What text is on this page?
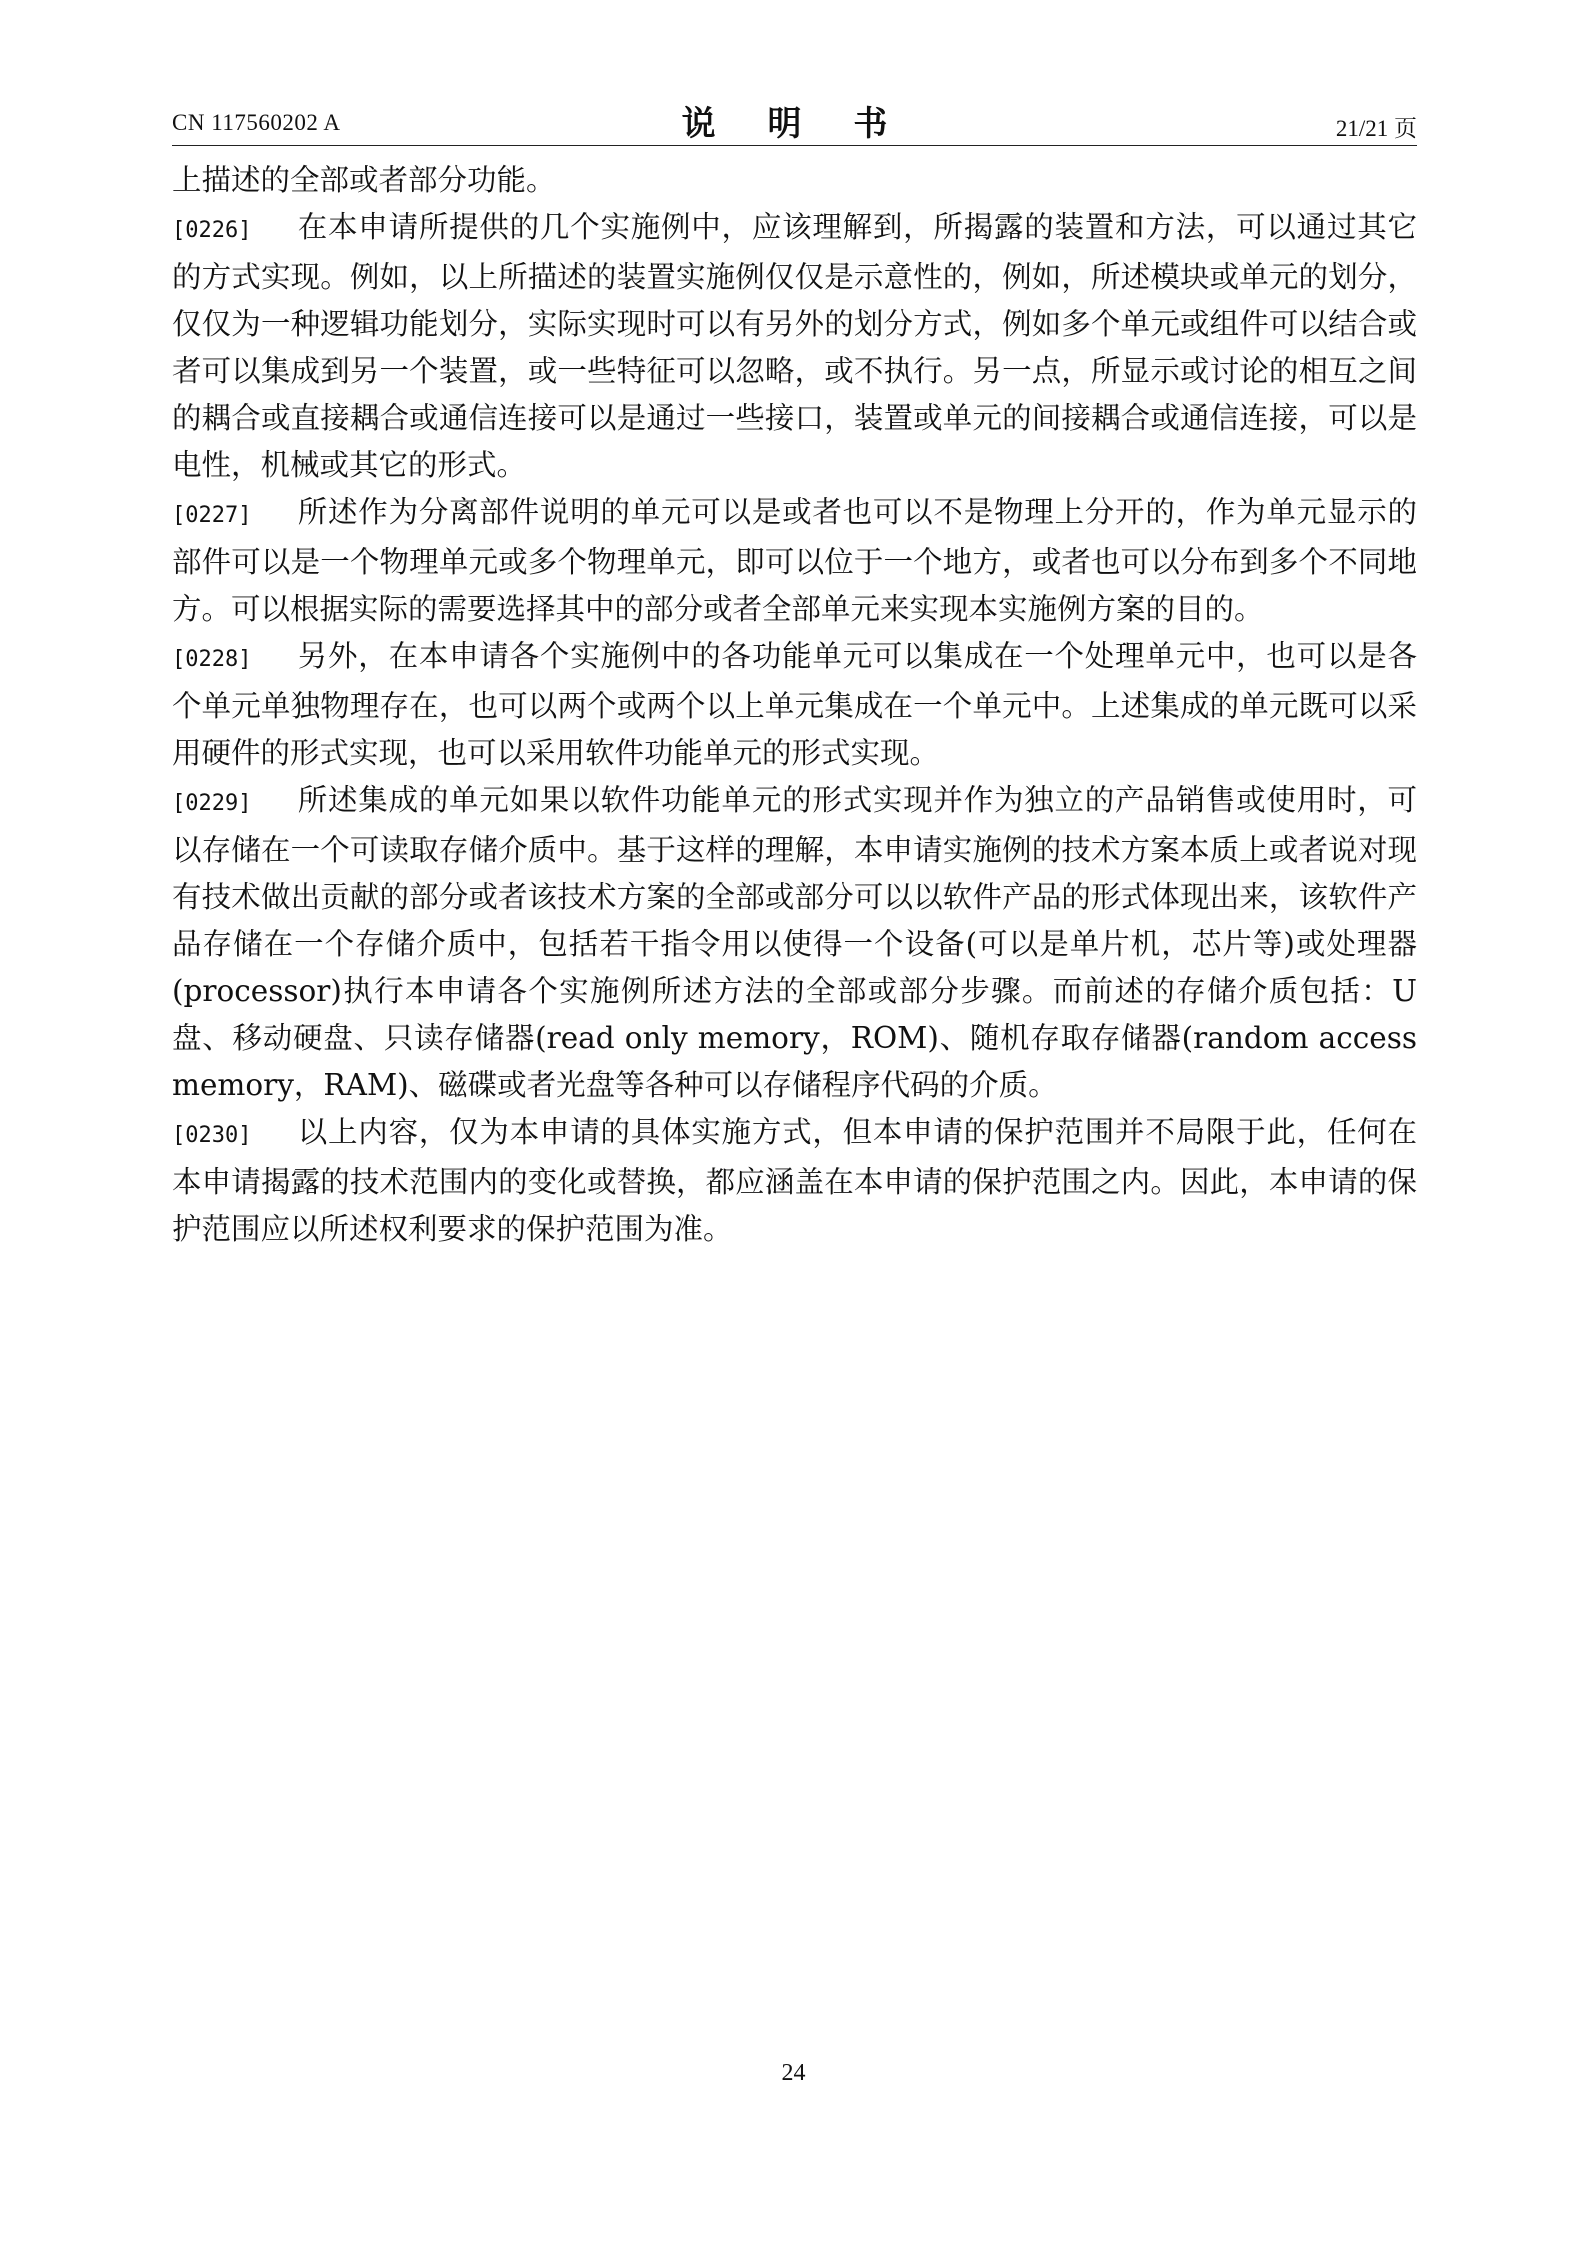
CN 117560202 A	说 明 书	21/21 页

上描述的全部或者部分功能。

[0226] 在本申请所提供的几个实施例中，应该理解到，所揭露的装置和方法，可以通过其它的方式实现。例如，以上所描述的装置实施例仅仅是示意性的，例如，所述模块或单元的划分，仅仅为一种逻辑功能划分，实际实现时可以有另外的划分方式，例如多个单元或组件可以结合或者可以集成到另一个装置，或一些特征可以忽略，或不执行。另一点，所显示或讨论的相互之间的耦合或直接耦合或通信连接可以是通过一些接口，装置或单元的间接耦合或通信连接，可以是电性，机械或其它的形式。

[0227] 所述作为分离部件说明的单元可以是或者也可以不是物理上分开的，作为单元显示的部件可以是一个物理单元或多个物理单元，即可以位于一个地方，或者也可以分布到多个不同地方。可以根据实际的需要选择其中的部分或者全部单元来实现本实施例方案的目的。

[0228] 另外，在本申请各个实施例中的各功能单元可以集成在一个处理单元中，也可以是各个单元单独物理存在，也可以两个或两个以上单元集成在一个单元中。上述集成的单元既可以采用硬件的形式实现，也可以采用软件功能单元的形式实现。

[0229] 所述集成的单元如果以软件功能单元的形式实现并作为独立的产品销售或使用时，可以存储在一个可读取存储介质中。基于这样的理解，本申请实施例的技术方案本质上或者说对现有技术做出贡献的部分或者该技术方案的全部或部分可以以软件产品的形式体现出来，该软件产品存储在一个存储介质中，包括若干指令用以使得一个设备(可以是单片机，芯片等)或处理器(processor)执行本申请各个实施例所述方法的全部或部分步骤。而前述的存储介质包括：U盘、移动硬盘、只读存储器(read only memory，ROM)、随机存取存储器(random access memory，RAM)、磁碟或者光盘等各种可以存储程序代码的介质。

[0230] 以上内容，仅为本申请的具体实施方式，但本申请的保护范围并不局限于此，任何在本申请揭露的技术范围内的变化或替换，都应涵盖在本申请的保护范围之内。因此，本申请的保护范围应以所述权利要求的保护范围为准。

24
